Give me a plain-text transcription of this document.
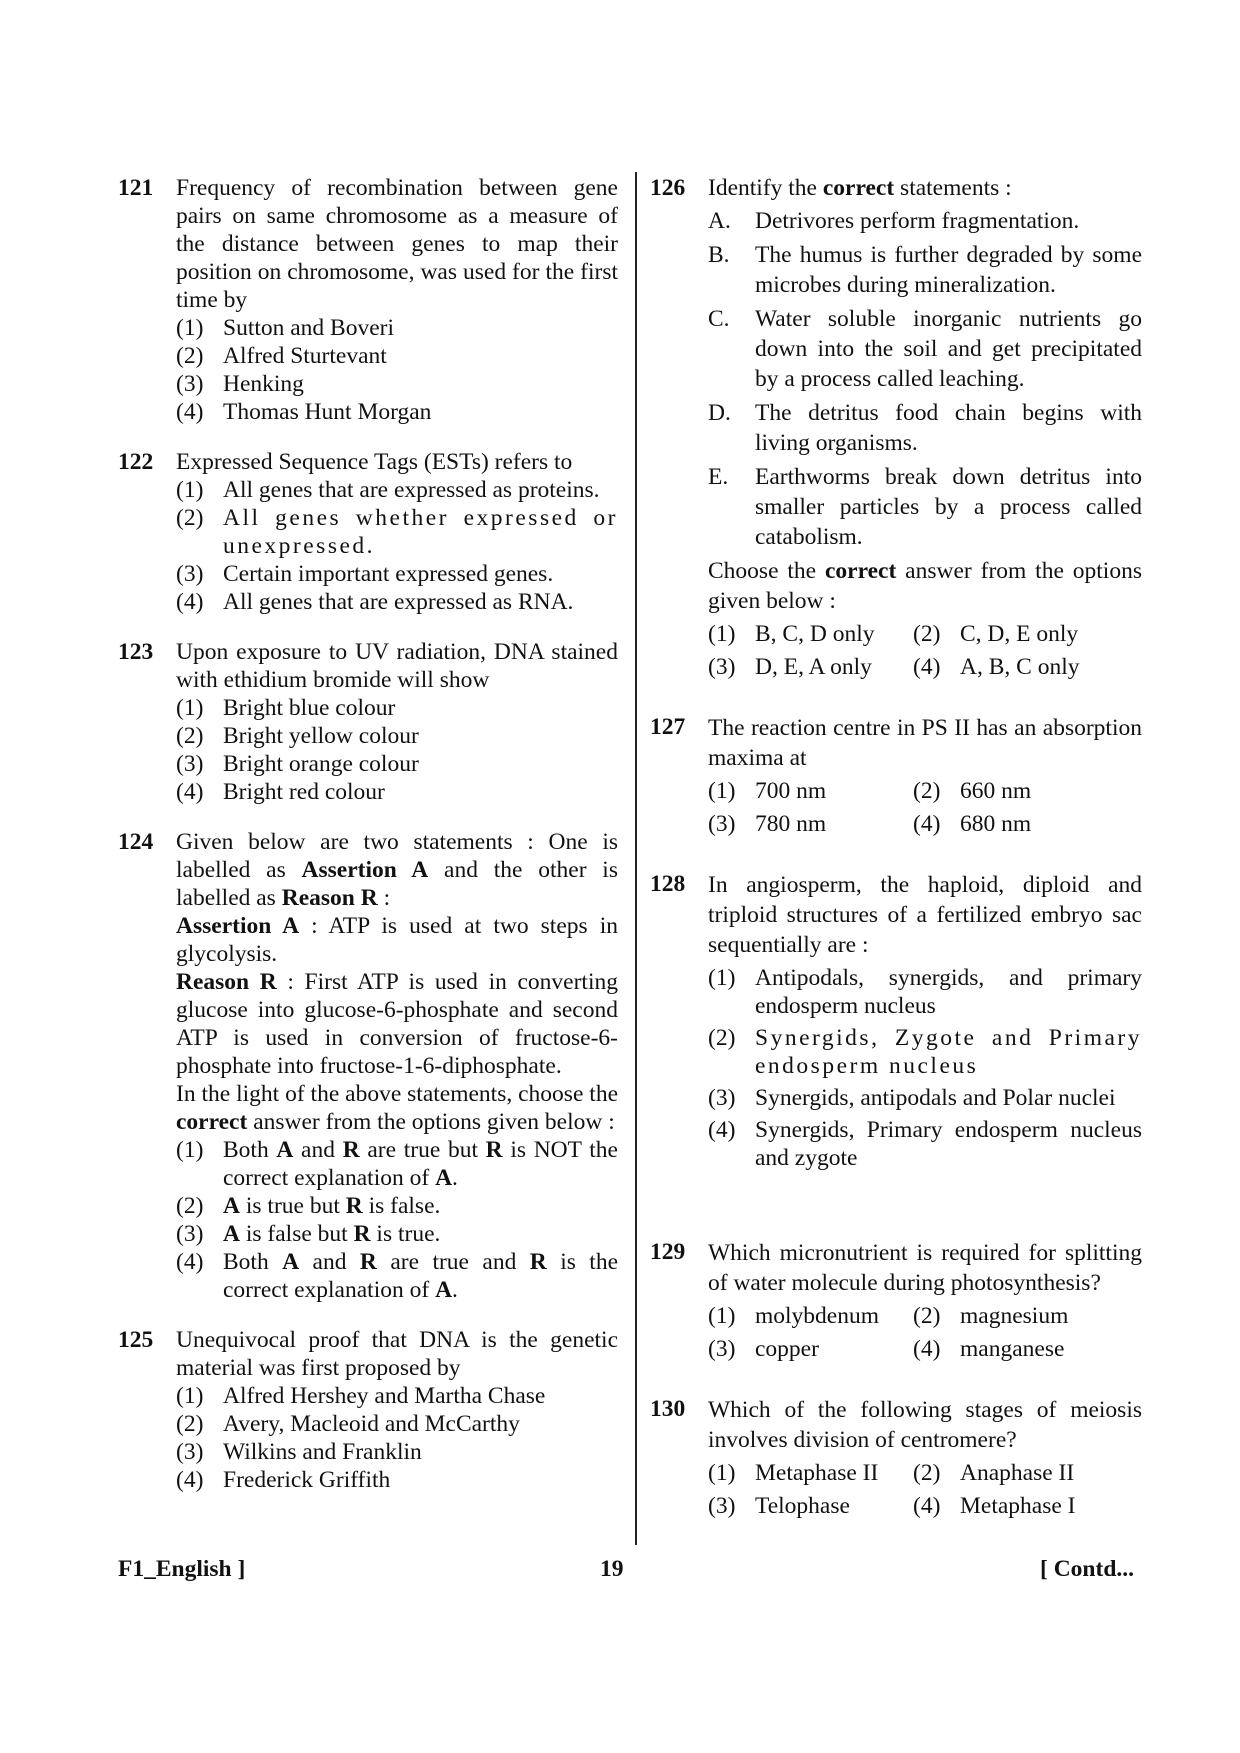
121 Frequency of recombination between gene pairs on same chromosome as a measure of the distance between genes to map their position on chromosome, was used for the first time by
(1) Sutton and Boveri
(2) Alfred Sturtevant
(3) Henking
(4) Thomas Hunt Morgan
122 Expressed Sequence Tags (ESTs) refers to
(1) All genes that are expressed as proteins.
(2) All genes whether expressed or unexpressed.
(3) Certain important expressed genes.
(4) All genes that are expressed as RNA.
123 Upon exposure to UV radiation, DNA stained with ethidium bromide will show
(1) Bright blue colour
(2) Bright yellow colour
(3) Bright orange colour
(4) Bright red colour
124 Given below are two statements : One is labelled as Assertion A and the other is labelled as Reason R :
Assertion A : ATP is used at two steps in glycolysis.
Reason R : First ATP is used in converting glucose into glucose-6-phosphate and second ATP is used in conversion of fructose-6-phosphate into fructose-1-6-diphosphate.
In the light of the above statements, choose the correct answer from the options given below :
(1) Both A and R are true but R is NOT the correct explanation of A.
(2) A is true but R is false.
(3) A is false but R is true.
(4) Both A and R are true and R is the correct explanation of A.
125 Unequivocal proof that DNA is the genetic material was first proposed by
(1) Alfred Hershey and Martha Chase
(2) Avery, Macleoid and McCarthy
(3) Wilkins and Franklin
(4) Frederick Griffith
126 Identify the correct statements :
A.	Detrivores perform fragmentation.
B.	The humus is further degraded by some microbes during mineralization.
C.	Water soluble inorganic nutrients go down into the soil and get precipitated by a process called leaching.
D.	The detritus food chain begins with living organisms.
E.	Earthworms break down detritus into smaller particles by a process called catabolism.
Choose the correct answer from the options given below :
(1) B, C, D only (2) C, D, E only
(3) D, E, A only (4) A, B, C only
127 The reaction centre in PS II has an absorption maxima at
(1) 700 nm	(2) 660 nm
(3) 780 nm	(4) 680 nm
128 In angiosperm, the haploid, diploid and triploid structures of a fertilized embryo sac sequentially are :
(1) Antipodals, synergids, and primary endosperm nucleus
(2) Synergids, Zygote and Primary endosperm nucleus
(3) Synergids, antipodals and Polar nuclei
(4) Synergids, Primary endosperm nucleus and zygote
129 Which micronutrient is required for splitting of water molecule during photosynthesis?
(1) molybdenum (2) magnesium
(3) copper	(4) manganese
130 Which of the following stages of meiosis involves division of centromere?
(1) Metaphase II (2) Anaphase II
(3) Telophase	(4) Metaphase I
F1_English ]	19	[ Contd...
